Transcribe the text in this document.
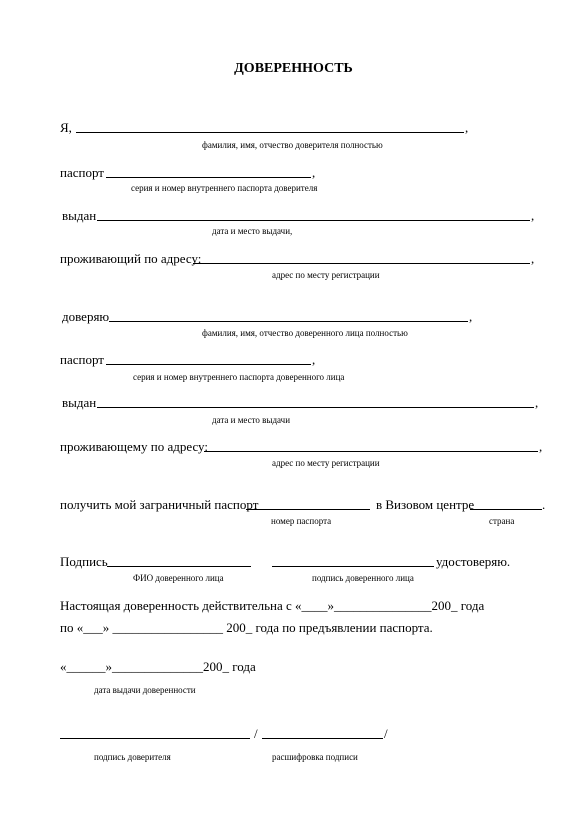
ДОВЕРЕННОСТЬ
Я,	,
фамилия, имя, отчество доверителя полностью
паспорт	,
серия и номер внутреннего паспорта доверителя
выдан	,
дата и место выдачи,
проживающий по адресу:	,
адрес по месту регистрации
доверяю	,
фамилия, имя, отчество доверенного лица полностью
паспорт	,
серия и номер внутреннего паспорта доверенного лица
выдан	,
дата и место выдачи
проживающему по адресу:	,
адрес по месту регистрации
получить мой заграничный паспорт	в Визовом центре	.
номер паспорта	страна
Подпись	удостоверяю.
ФИО доверенного лица	подпись доверенного лица
Настоящая доверенность действительна с «____»_______________200_ года
по «___» _________________ 200_ года по предъявлении паспорта.
«______»______________200_ года
дата выдачи доверенности
/	/
подпись доверителя	расшифровка подписи
